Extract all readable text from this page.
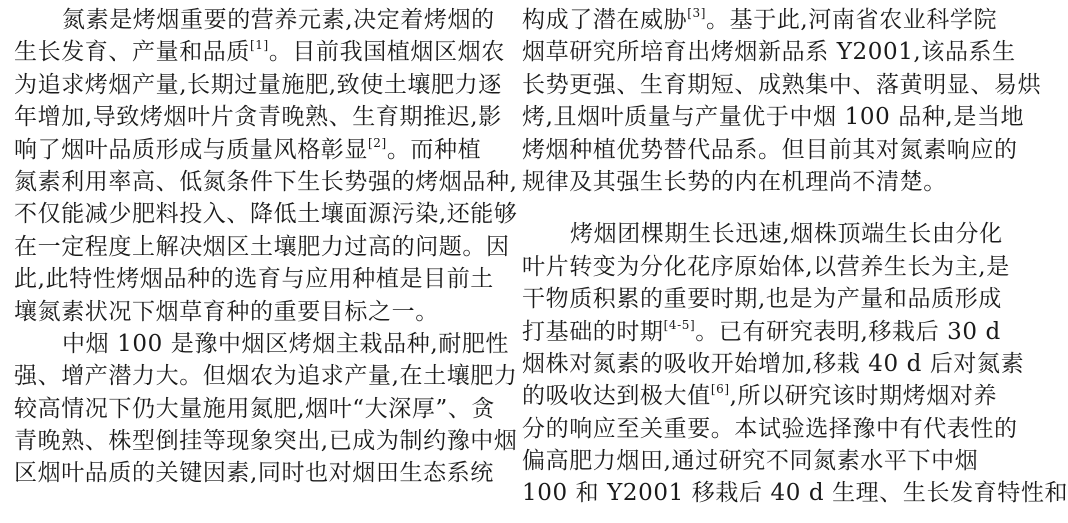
氮素是烤烟重要的营养元素,决定着烤烟的
生长发育、产量和品质[1]。目前我国植烟区烟农
为追求烤烟产量,长期过量施肥,致使土壤肥力逐
年增加,导致烤烟叶片贪青晚熟、生育期推迟,影
响了烟叶品质形成与质量风格彰显[2]。而种植
氮素利用率高、低氮条件下生长势强的烤烟品种,
不仅能减少肥料投入、降低土壤面源污染,还能够
在一定程度上解决烟区土壤肥力过高的问题。因
此,此特性烤烟品种的选育与应用种植是目前土
壤氮素状况下烟草育种的重要目标之一。
中烟 100 是豫中烟区烤烟主栽品种,耐肥性
强、增产潜力大。但烟农为追求产量,在土壤肥力
较高情况下仍大量施用氮肥,烟叶“大深厚”、贪
青晚熟、株型倒挂等现象突出,已成为制约豫中烟
区烟叶品质的关键因素,同时也对烟田生态系统
构成了潜在威胁[3]。基于此,河南省农业科学院
烟草研究所培育出烤烟新品系 Y2001,该品系生
长势更强、生育期短、成熟集中、落黄明显、易烘
烤,且烟叶质量与产量优于中烟 100 品种,是当地
烤烟种植优势替代品系。但目前其对氮素响应的
规律及其强生长势的内在机理尚不清楚。
烤烟团棵期生长迅速,烟株顶端生长由分化
叶片转变为分化花序原始体,以营养生长为主,是
干物质积累的重要时期,也是为产量和品质形成
打基础的时期[4-5]。已有研究表明,移栽后 30 d
烟株对氮素的吸收开始增加,移栽 40 d 后对氮素
的吸收达到极大值[6],所以研究该时期烤烟对养
分的响应至关重要。本试验选择豫中有代表性的
偏高肥力烟田,通过研究不同氮素水平下中烟
100 和 Y2001 移栽后 40 d 生理、生长发育特性和
